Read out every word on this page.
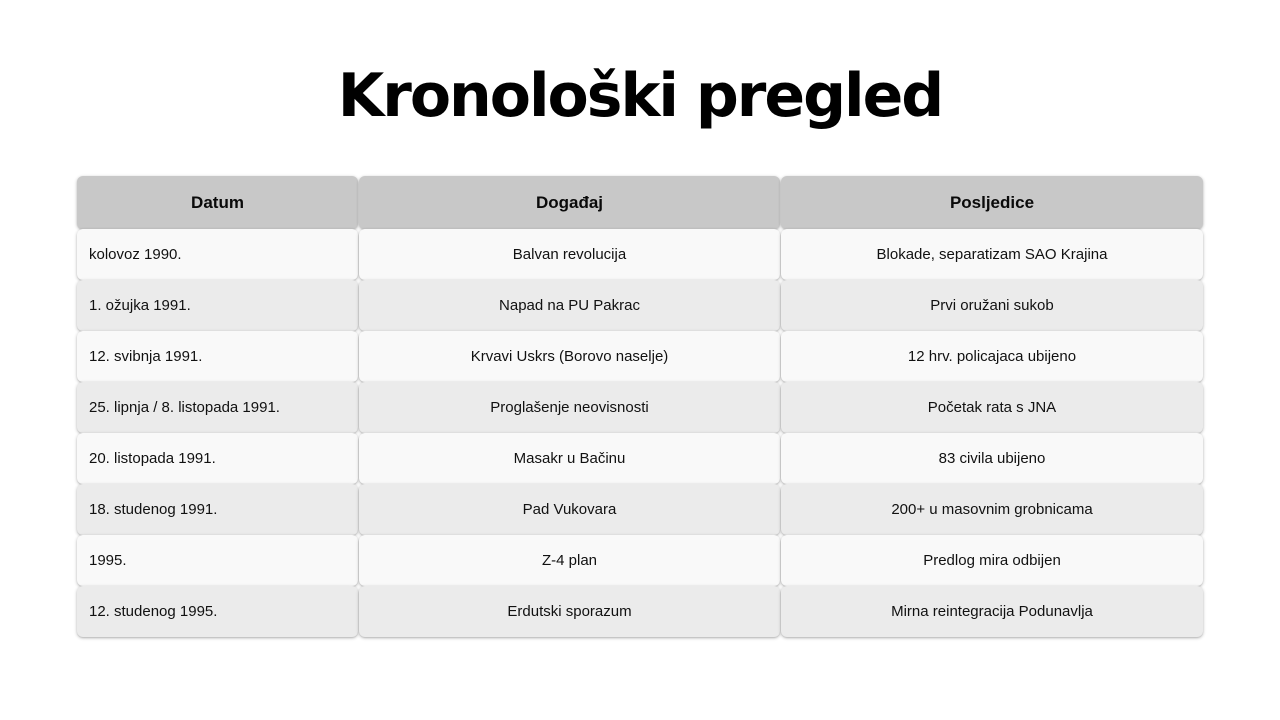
Kronološki pregled
Datum	Događaj	Posljedice
kolovoz 1990.	Balvan revolucija	Blokade, separatizam SAO Krajina
1. ožujka 1991.	Napad na PU Pakrac	Prvi oružani sukob
12. svibnja 1991.	Krvavi Uskrs (Borovo naselje)	12 hrv. policajaca ubijeno
25. lipnja / 8. listopada 1991.	Proglašenje neovisnosti	Početak rata s JNA
20. listopada 1991.	Masakr u Bačinu	83 civila ubijeno
18. studenog 1991.	Pad Vukovara	200+ u masovnim grobnicama
1995.	Z-4 plan	Predlog mira odbijen
12. studenog 1995.	Erdutski sporazum	Mirna reintegracija Podunavlja
